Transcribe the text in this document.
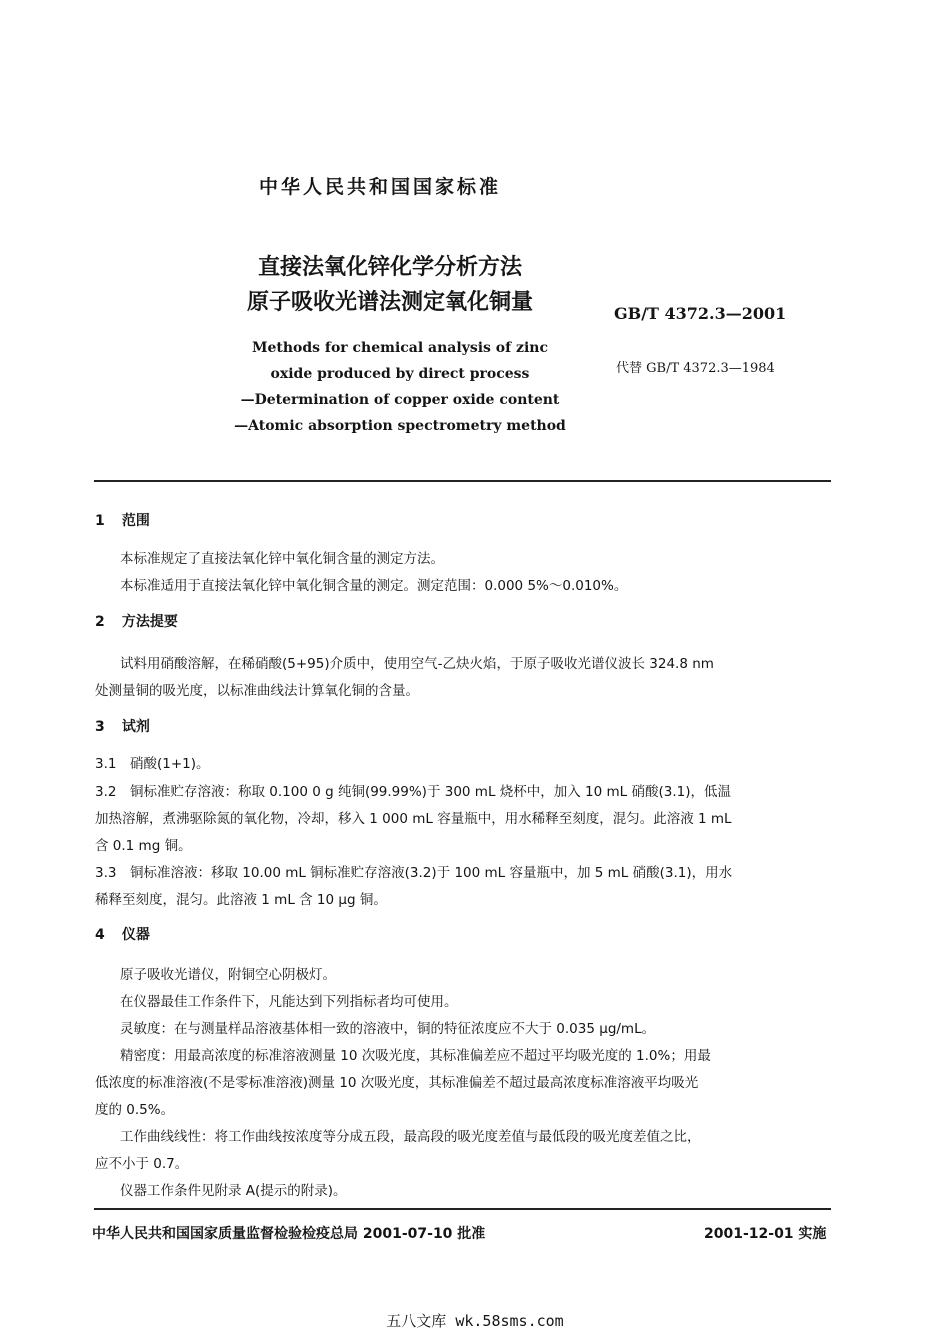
中华人民共和国国家标准
直接法氧化锌化学分析方法
原子吸收光谱法测定氧化铜量	GB/T 4372.3—2001
代替 GB/T 4372.3—1984
Methods for chemical analysis of zinc
oxide produced by direct process
—Determination of copper oxide content
—Atomic absorption spectrometry method
1 范围
本标准规定了直接法氧化锌中氧化铜含量的测定方法。
本标准适用于直接法氧化锌中氧化铜含量的测定。测定范围：0.000 5%～0.010%。
2 方法提要
试料用硝酸溶解，在稀硝酸(5+95)介质中，使用空气-乙炔火焰，于原子吸收光谱仪波长 324.8 nm
处测量铜的吸光度，以标准曲线法计算氧化铜的含量。
3 试剂
3.1　硝酸(1+1)。
3.2　铜标准贮存溶液：称取 0.100 0 g 纯铜(99.99%)于 300 mL 烧杯中，加入 10 mL 硝酸(3.1)，低温
加热溶解，煮沸驱除氮的氧化物，冷却，移入 1 000 mL 容量瓶中，用水稀释至刻度，混匀。此溶液 1 mL
含 0.1 mg 铜。
3.3　铜标准溶液：移取 10.00 mL 铜标准贮存溶液(3.2)于 100 mL 容量瓶中，加 5 mL 硝酸(3.1)，用水
稀释至刻度，混匀。此溶液 1 mL 含 10 μg 铜。
4 仪器
原子吸收光谱仪，附铜空心阴极灯。
在仪器最佳工作条件下，凡能达到下列指标者均可使用。
灵敏度：在与测量样品溶液基体相一致的溶液中，铜的特征浓度应不大于 0.035 μg/mL。
精密度：用最高浓度的标准溶液测量 10 次吸光度，其标准偏差应不超过平均吸光度的 1.0%；用最
低浓度的标准溶液(不是零标准溶液)测量 10 次吸光度，其标准偏差不超过最高浓度标准溶液平均吸光
度的 0.5%。
工作曲线线性：将工作曲线按浓度等分成五段，最高段的吸光度差值与最低段的吸光度差值之比，
应不小于 0.7。
仪器工作条件见附录 A(提示的附录)。
中华人民共和国国家质量监督检验检疫总局 2001-07-10 批准	2001-12-01 实施
五八文库 wk.58sms.com
